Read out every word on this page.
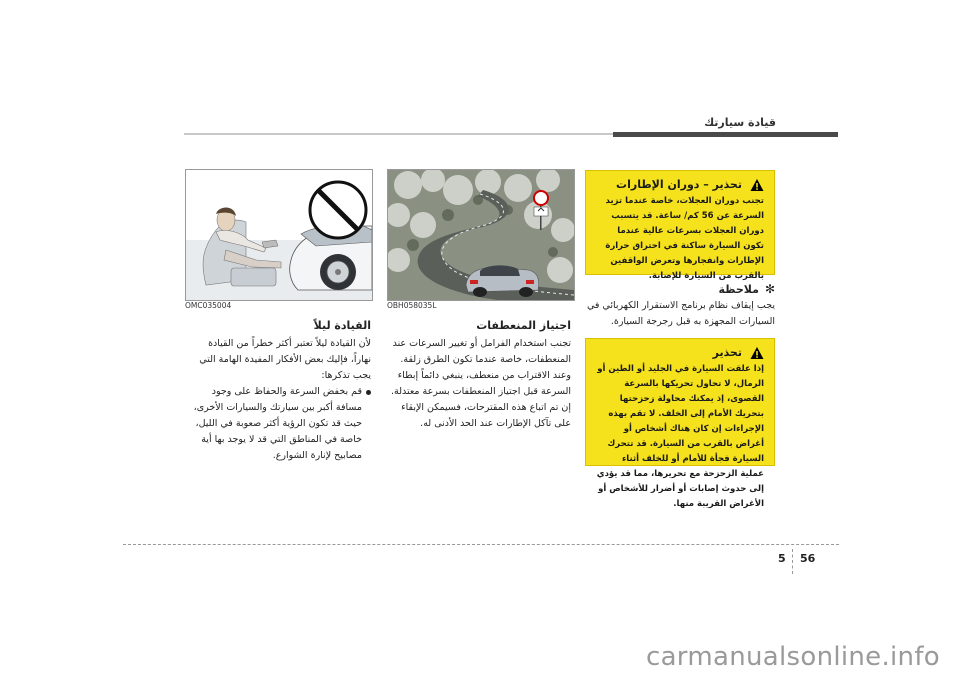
قيادة سيارتك
تحذير – دوران الإطارات
تجنب دوران العجلات، خاصة عندما تزيد السرعة عن 56 كم/ ساعة. قد يتسبب دوران العجلات بسرعات عالية عندما تكون السيارة ساكنة في احتراق حرارة الإطارات وانفجارها وتعرض الواقفين بالقرب من السيارة للإصابة.
✻
ملاحظة

يجب إيقاف نظام برنامج الاستقرار الكهربائي في السيارات المجهزة به قبل رجرجة السيارة.

تحذير
إذا علقت السيارة في الجليد أو الطين أو الرمال، لا تحاول تحريكها بالسرعة القصوى، إذ يمكنك محاولة زحزحتها بتحريك الأمام إلى الخلف. لا تقم بهذه الإجراءات إن كان هناك أشخاص أو أغراض بالقرب من السيارة. قد تتحرك السيارة فجأة للأمام أو للخلف أثناء عملية الزحزحة مع تحريرها، مما قد يؤدي إلى حدوث إصابات أو أضرار للأشخاص أو الأغراض القريبة منها.
OBH058035L
اجتياز المنعطفات

تجنب استخدام الفرامل أو تغيير السرعات عند المنعطفات، خاصة عندما تكون الطرق زلقة. وعند الاقتراب من منعطف، ينبغي دائماً إبطاء السرعة قبل اجتياز المنعطفات بسرعة معتدلة. إن تم اتباع هذه المقترحات، فسيمكن الإبقاء على تآكل الإطارات عند الحد الأدنى له.

OMC035004
القيادة ليلاً

لأن القيادة ليلاً تعتبر أكثر خطراً من القيادة نهاراً، فإليك بعض الأفكار المفيدة الهامة التي يجب تذكرها:

قم بخفض السرعة والحفاظ على وجود مسافة أكبر بين سيارتك والسيارات الأخرى، حيث قد تكون الرؤية أكثر صعوبة في الليل، خاصة في المناطق التي قد لا يوجد بها أية مصابيح لإنارة الشوارع.
5 56
carmanualsonline.info
